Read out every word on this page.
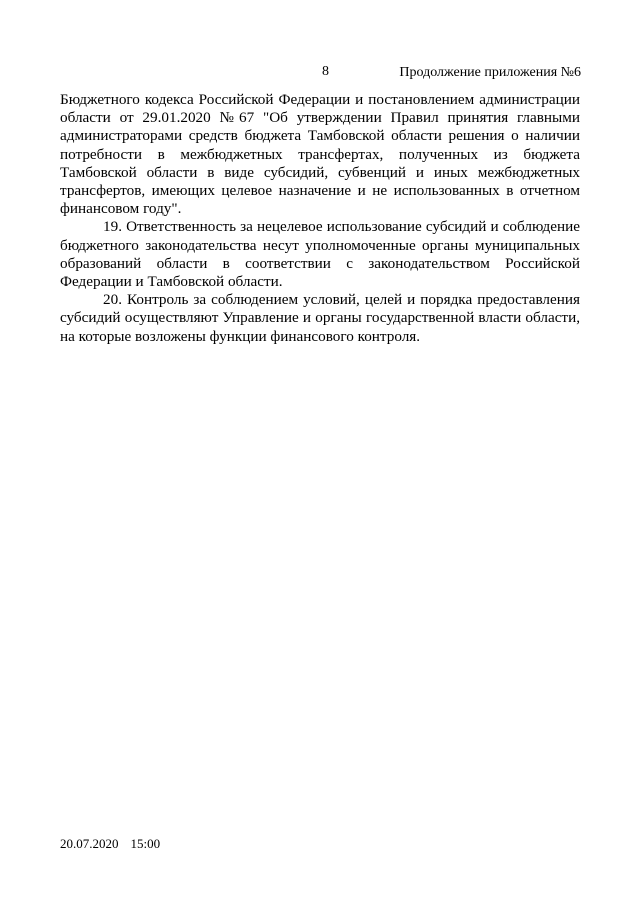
8	Продолжение приложения №6

Бюджетного кодекса Российской Федерации и постановлением администрации области от 29.01.2020 №67 "Об утверждении Правил принятия главными администраторами средств бюджета Тамбовской области решения о наличии потребности в межбюджетных трансфертах, полученных из бюджета Тамбовской области в виде субсидий, субвенций и иных межбюджетных трансфертов, имеющих целевое назначение и не использованных в отчетном финансовом году".

19. Ответственность за нецелевое использование субсидий и соблюдение бюджетного законодательства несут уполномоченные органы муниципальных образований области в соответствии с законодательством Российской Федерации и Тамбовской области.

20. Контроль за соблюдением условий, целей и порядка предоставления субсидий осуществляют Управление и органы государственной власти области, на которые возложены функции финансового контроля.

20.07.2020 15:00
